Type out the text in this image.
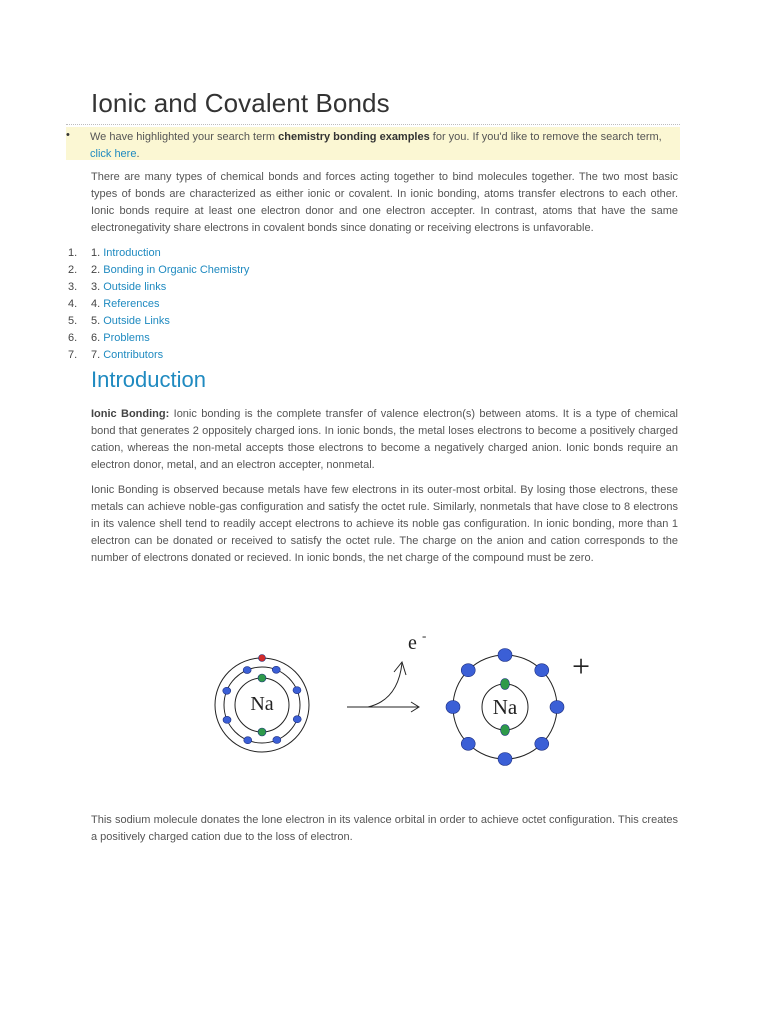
Ionic and Covalent Bonds
• We have highlighted your search term chemistry bonding examples for you. If you'd like to remove the search term, click here.

There are many types of chemical bonds and forces acting together to bind molecules together. The two most basic types of bonds are characterized as either ionic or covalent. In ionic bonding, atoms transfer electrons to each other. Ionic bonds require at least one electron donor and one electron accepter. In contrast, atoms that have the same electronegativity share electrons in covalent bonds since donating or receiving electrons is unfavorable.

1.	1. Introduction
2.	2. Bonding in Organic Chemistry
3.	3. Outside links
4.	4. References
5.	5. Outside Links
6.	6. Problems
7.	7. Contributors
Introduction

Ionic Bonding: Ionic bonding is the complete transfer of valence electron(s) between atoms. It is a type of chemical bond that generates 2 oppositely charged ions. In ionic bonds, the metal loses electrons to become a positively charged cation, whereas the non-metal accepts those electrons to become a negatively charged anion. Ionic bonds require an electron donor, metal, and an electron accepter, nonmetal.

Ionic Bonding is observed because metals have few electrons in its outer-most orbital. By losing those electrons, these metals can achieve noble-gas configuration and satisfy the octet rule. Similarly, nonmetals that have close to 8 electrons in its valence shell tend to readily accept electrons to achieve its noble gas configuration. In ionic bonding, more than 1 electron can be donated or received to satisfy the octet rule. The charge on the anion and cation corresponds to the number of electrons donated or recieved. In ionic bonds, the net charge of the compound must be zero.

Na
e -
Na
+

This sodium molecule donates the lone electron in its valence orbital in order to achieve octet configuration. This creates a positively charged cation due to the loss of electron.
